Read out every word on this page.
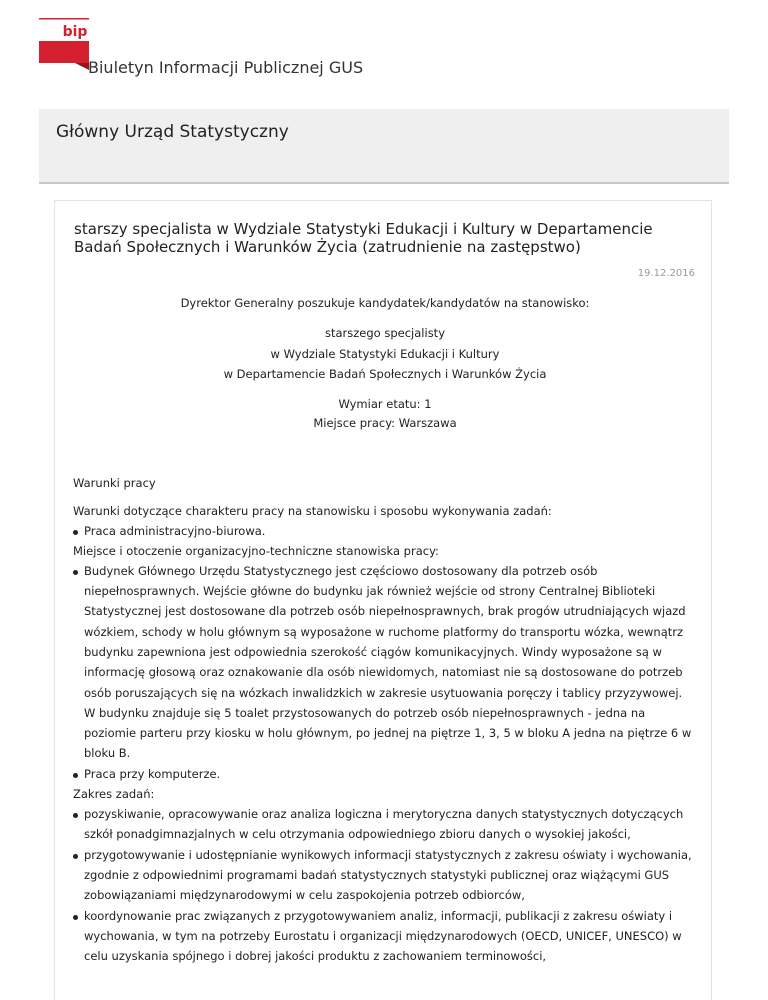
bip
Biuletyn Informacji Publicznej GUS
Główny Urząd Statystyczny
starszy specjalista w Wydziale Statystyki Edukacji i Kultury w Departamencie Badań Społecznych i Warunków Życia (zatrudnienie na zastępstwo)
19.12.2016

Dyrektor Generalny poszukuje kandydatek/kandydatów na stanowisko:

starszego specjalisty
w Wydziale Statystyki Edukacji i Kultury
w Departamencie Badań Społecznych i Warunków Życia
Wymiar etatu: 1
Miejsce pracy: Warszawa

Warunki pracy

Warunki dotyczące charakteru pracy na stanowisku i sposobu wykonywania zadań:

Praca administracyjno-biurowa.

Miejsce i otoczenie organizacyjno-techniczne stanowiska pracy:

Budynek Głównego Urzędu Statystycznego jest częściowo dostosowany dla potrzeb osób niepełnosprawnych. Wejście główne do budynku jak również wejście od strony Centralnej Biblioteki Statystycznej jest dostosowane dla potrzeb osób niepełnosprawnych, brak progów utrudniających wjazd wózkiem, schody w holu głównym są wyposażone w ruchome platformy do transportu wózka, wewnątrz budynku zapewniona jest odpowiednia szerokość ciągów komunikacyjnych. Windy wyposażone są w informację głosową oraz oznakowanie dla osób niewidomych, natomiast nie są dostosowane do potrzeb osób poruszających się na wózkach inwalidzkich w zakresie usytuowania poręczy i tablicy przyzywowej. W budynku znajduje się 5 toalet przystosowanych do potrzeb osób niepełnosprawnych - jedna na poziomie parteru przy kiosku w holu głównym, po jednej na piętrze 1, 3, 5 w bloku A jedna na piętrze 6 w bloku B.
Praca przy komputerze.

Zakres zadań:

pozyskiwanie, opracowywanie oraz analiza logiczna i merytoryczna danych statystycznych dotyczących szkół ponadgimnazjalnych w celu otrzymania odpowiedniego zbioru danych o wysokiej jakości,
przygotowywanie i udostępnianie wynikowych informacji statystycznych z zakresu oświaty i wychowania, zgodnie z odpowiednimi programami badań statystycznych statystyki publicznej oraz wiążącymi GUS zobowiązaniami międzynarodowymi w celu zaspokojenia potrzeb odbiorców,
koordynowanie prac związanych z przygotowywaniem analiz, informacji, publikacji z zakresu oświaty i wychowania, w tym na potrzeby Eurostatu i organizacji międzynarodowych (OECD, UNICEF, UNESCO) w celu uzyskania spójnego i dobrej jakości produktu z zachowaniem terminowości,
